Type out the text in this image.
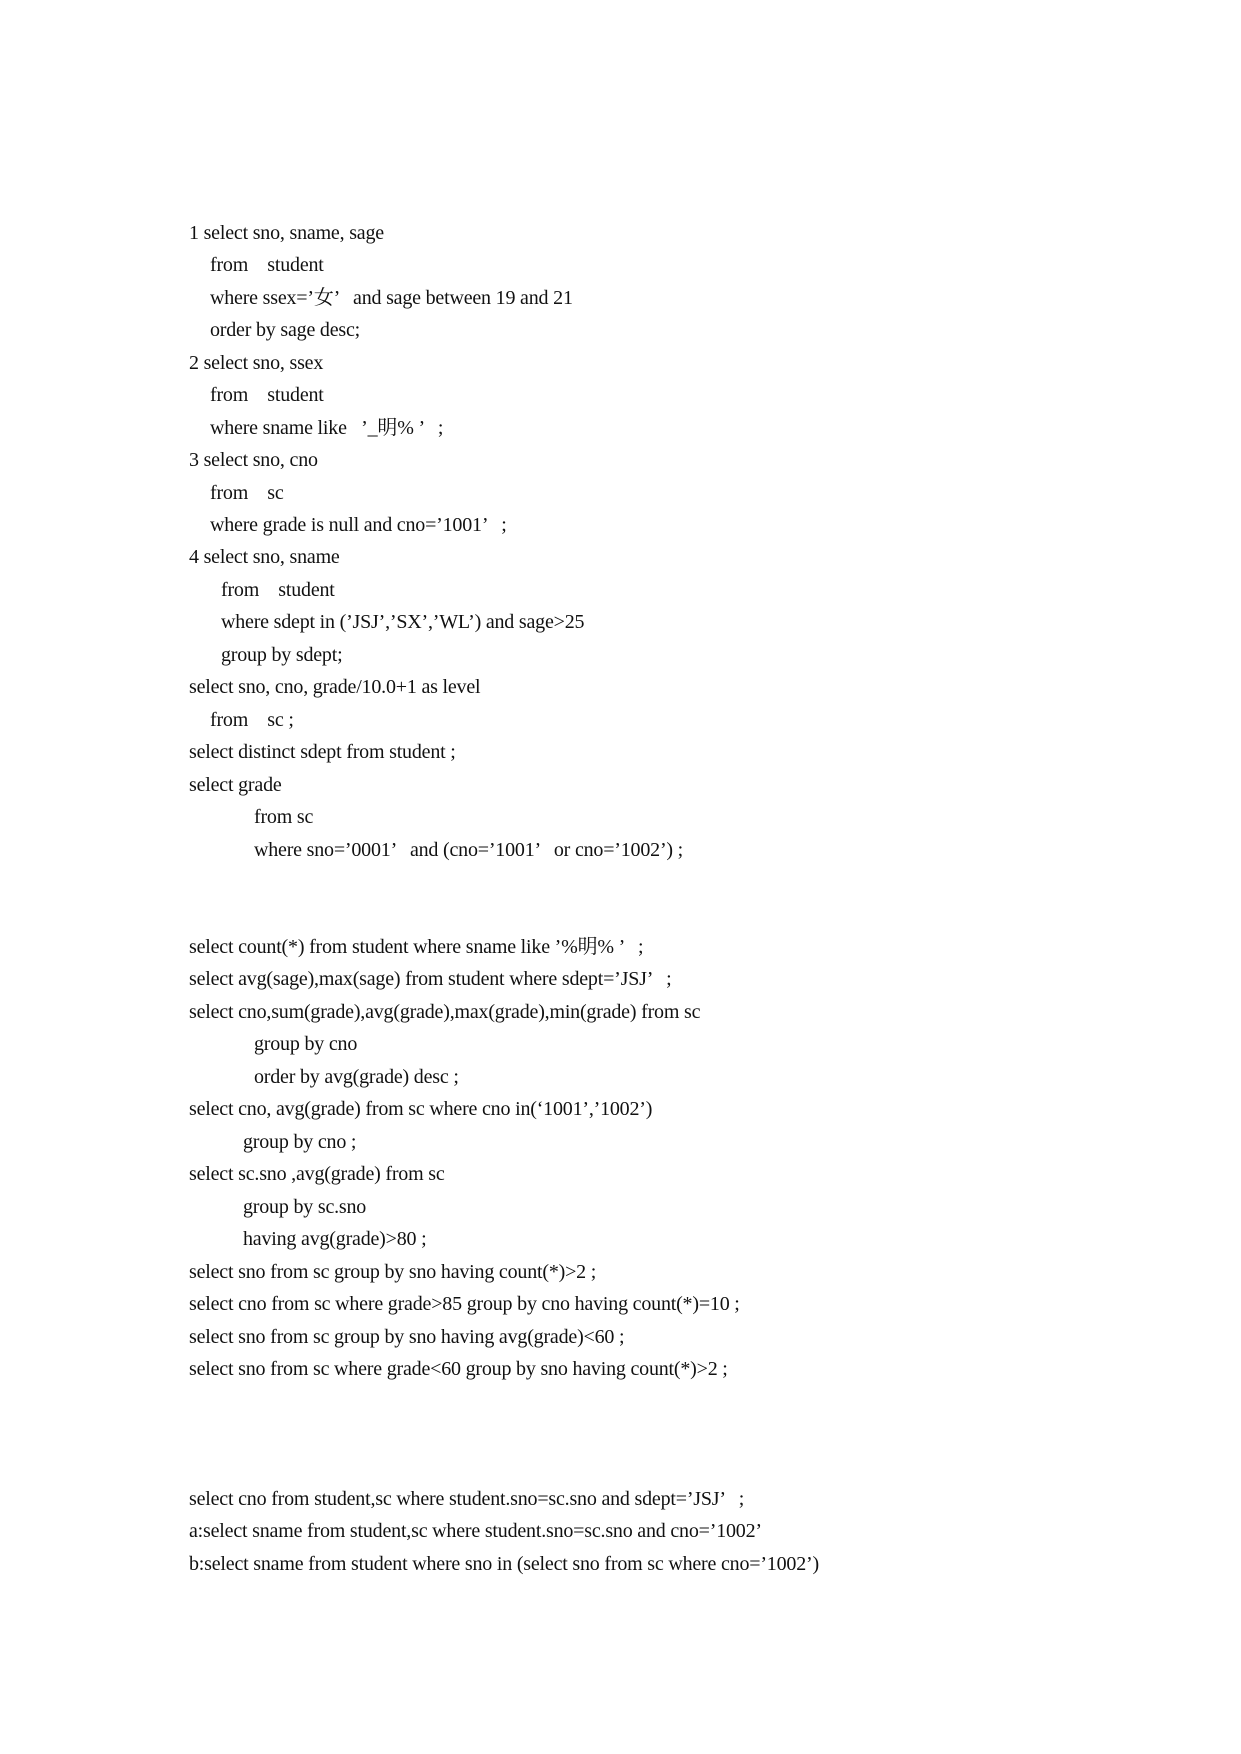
1 select sno, sname, sage
from    student
where ssex=’女’   and sage between 19 and 21
order by sage desc;
2 select sno, ssex
from    student
where sname like   ’_明% ’   ;
3 select sno, cno
from    sc
where grade is null and cno=’1001’   ;
4 select sno, sname
from    student
where sdept in (’JSJ’,’SX’,’WL’) and sage>25
group by sdept;
select sno, cno, grade/10.0+1 as level
from    sc ;
select distinct sdept from student ;
select grade
from sc
where sno=’0001’   and (cno=’1001’   or cno=’1002’) ;
select count(*) from student where sname like ’%明% ’   ;
select avg(sage),max(sage) from student where sdept=’JSJ’   ;
select cno,sum(grade),avg(grade),max(grade),min(grade) from sc
group by cno
order by avg(grade) desc ;
select cno, avg(grade) from sc where cno in(‘1001’,’1002’)
group by cno ;
select sc.sno ,avg(grade) from sc
group by sc.sno
having avg(grade)>80 ;
select sno from sc group by sno having count(*)>2 ;
select cno from sc where grade>85 group by cno having count(*)=10 ;
select sno from sc group by sno having avg(grade)<60 ;
select sno from sc where grade<60 group by sno having count(*)>2 ;
select cno from student,sc where student.sno=sc.sno and sdept=’JSJ’   ;
a:select sname from student,sc where student.sno=sc.sno and cno=’1002’
b:select sname from student where sno in (select sno from sc where cno=’1002’)
